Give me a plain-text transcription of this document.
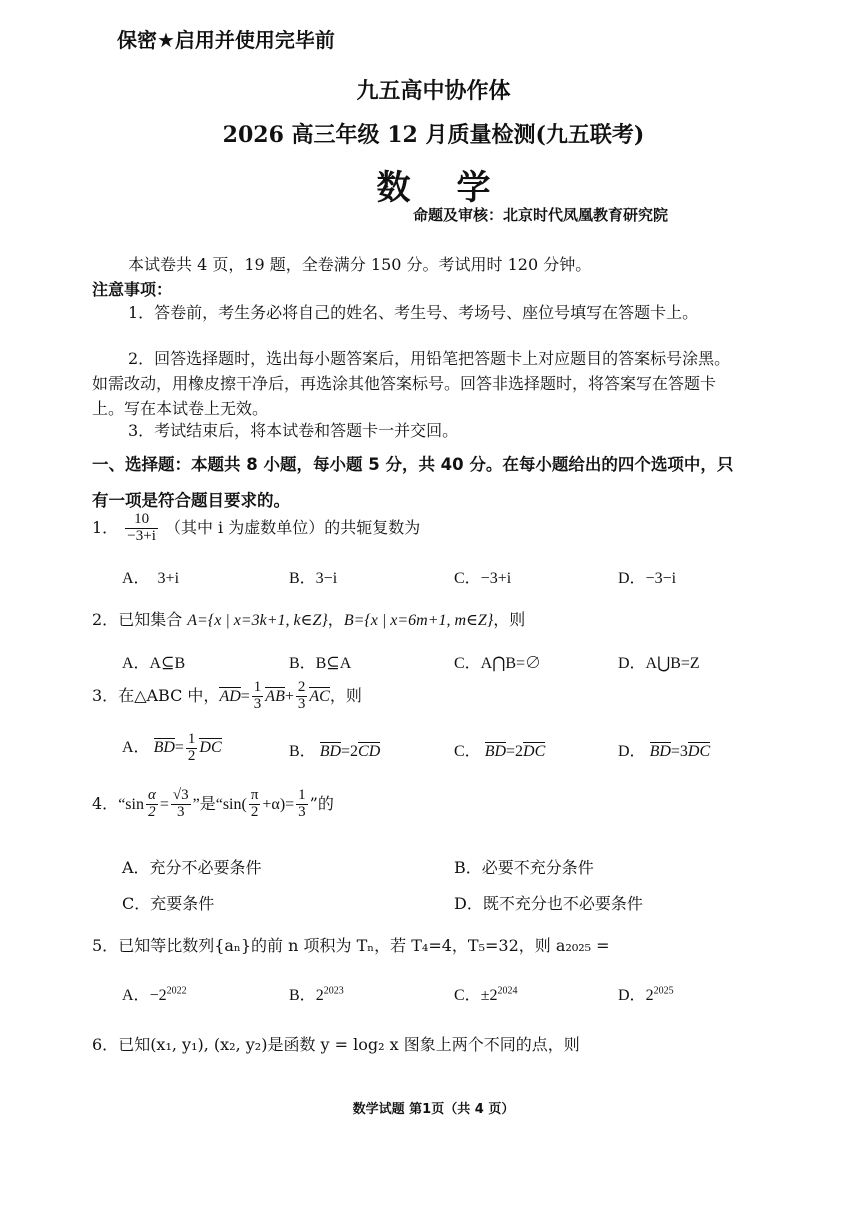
保密★启用并使用完毕前
九五高中协作体
2026 高三年级 12 月质量检测(九五联考)
数学
命题及审核：北京时代凤凰教育研究院
本试卷共 4 页，19 题，全卷满分 150 分。考试用时 120 分钟。
注意事项：
1．答卷前，考生务必将自己的姓名、考生号、考场号、座位号填写在答题卡上。
2．回答选择题时，选出每小题答案后，用铅笔把答题卡上对应题目的答案标号涂黑。如需改动，用橡皮擦干净后，再选涂其他答案标号。回答非选择题时，将答案写在答题卡上。写在本试卷上无效。
3．考试结束后，将本试卷和答题卡一并交回。
一、选择题：本题共 8 小题，每小题 5 分，共 40 分。在每小题给出的四个选项中，只有一项是符合题目要求的。
1． $\frac{10}{-3+i}$ （其中 i 为虚数单位）的共轭复数为
A．　3+i	B．3−i	C．−3+i	D．−3−i
2．已知集合 A={x | x=3k+1, k∈Z}，B={x | x=6m+1, m∈Z}，则
A．A⊆B	B．B⊆A	C．A⋂B=∅	D．A⋃B=Z
3．在△ABC 中，$AD= \frac{1}{3} AB+ \frac{2}{3}$ AC，则
A． $BD= \frac{1}{2}$ DC	B． BD=2CD	C． BD=2DC	D． BD=3DC
4．“$\sin \frac{\alpha}{2} = \frac{√3}{3}$ ”是“$\sin( \frac{\pi}{2} +\alpha)= \frac{1}{3}$ ”的
A．充分不必要条件	B．必要不充分条件
C．充要条件	D．既不充分也不必要条件
5．已知等比数列{aₙ}的前 n 项积为 Tₙ，若 T₄=4，T₅=32，则 a₂₀₂₅ =
A．$-2^{2022}$	B．$2^{2023}$	C．$\pm 2^{2024}$	D．$2^{2025}$
6．已知(x₁, y₁), (x₂, y₂)是函数 y = log₂ x 图象上两个不同的点，则
数学试题 第1页（共 4 页）
